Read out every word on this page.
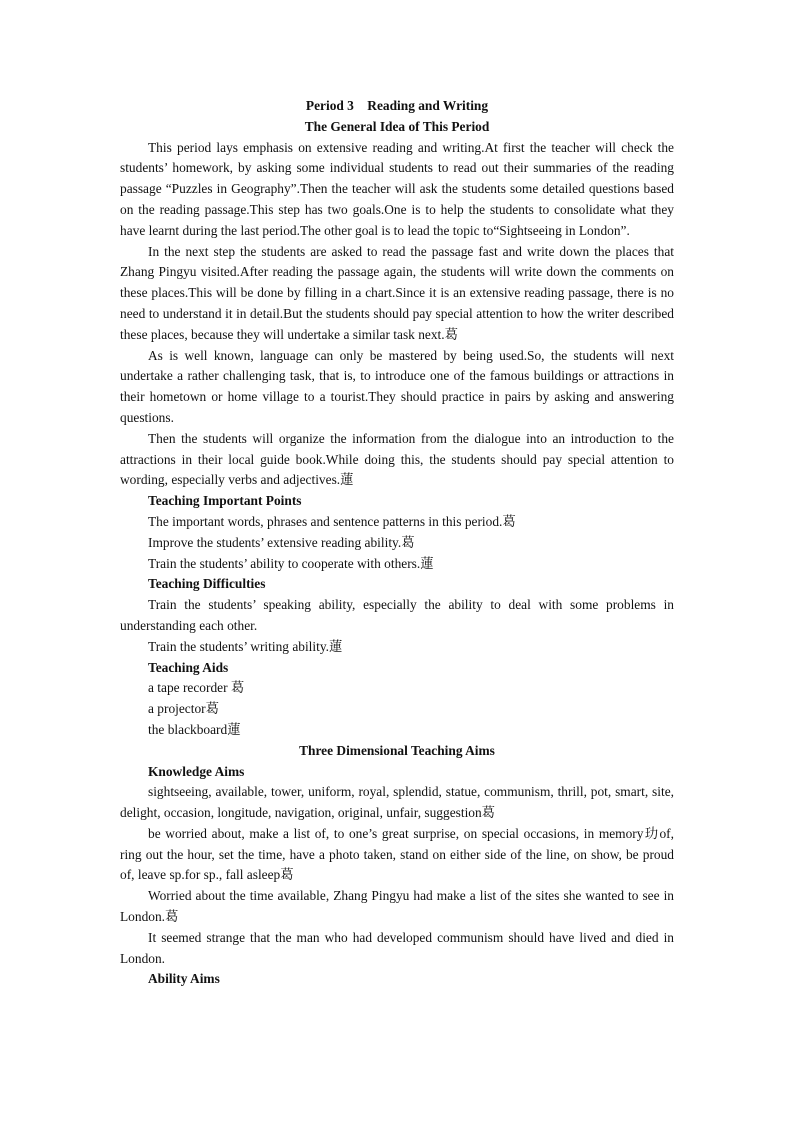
Period 3    Reading and Writing
The General Idea of This Period

This period lays emphasis on extensive reading and writing.At first the teacher will check the students’ homework, by asking some individual students to read out their summaries of the reading passage “Puzzles in Geography”.Then the teacher will ask the students some detailed questions based on the reading passage.This step has two goals.One is to help the students to consolidate what they have learnt during the last period.The other goal is to lead the topic to“Sightseeing in London”.

In the next step the students are asked to read the passage fast and write down the places that Zhang Pingyu visited.After reading the passage again, the students will write down the comments on these places.This will be done by filling in a chart.Since it is an extensive reading passage, there is no need to understand it in detail.But the students should pay special attention to how the writer described these places, because they will undertake a similar task next.葛

As is well known, language can only be mastered by being used.So, the students will next undertake a rather challenging task, that is, to introduce one of the famous buildings or attractions in their hometown or home village to a tourist.They should practice in pairs by asking and answering questions.

Then the students will organize the information from the dialogue into an introduction to the attractions in their local guide book.While doing this, the students should pay special attention to wording, especially verbs and adjectives.蓮

Teaching Important Points

The important words, phrases and sentence patterns in this period.葛

Improve the students’ extensive reading ability.葛

Train the students’ ability to cooperate with others.蓮

Teaching Difficulties

Train the students’ speaking ability, especially the ability to deal with some problems in understanding each other.

Train the students’ writing ability.蓮

Teaching Aids

a tape recorder 葛

a projector葛

the blackboard蓮

Three Dimensional Teaching Aims

Knowledge Aims

sightseeing, available, tower, uniform, royal, splendid, statue, communism, thrill, pot, smart, site, delight, occasion, longitude, navigation, original, unfair, suggestion葛

be worried about, make a list of, to one’s great surprise, on special occasions, in memory玏of, ring out the hour, set the time, have a photo taken, stand on either side of the line, on show, be proud of, leave sp.for sp., fall asleep葛

Worried about the time available, Zhang Pingyu had make a list of the sites she wanted to see in London.葛

It seemed strange that the man who had developed communism should have lived and died in London.

Ability Aims
